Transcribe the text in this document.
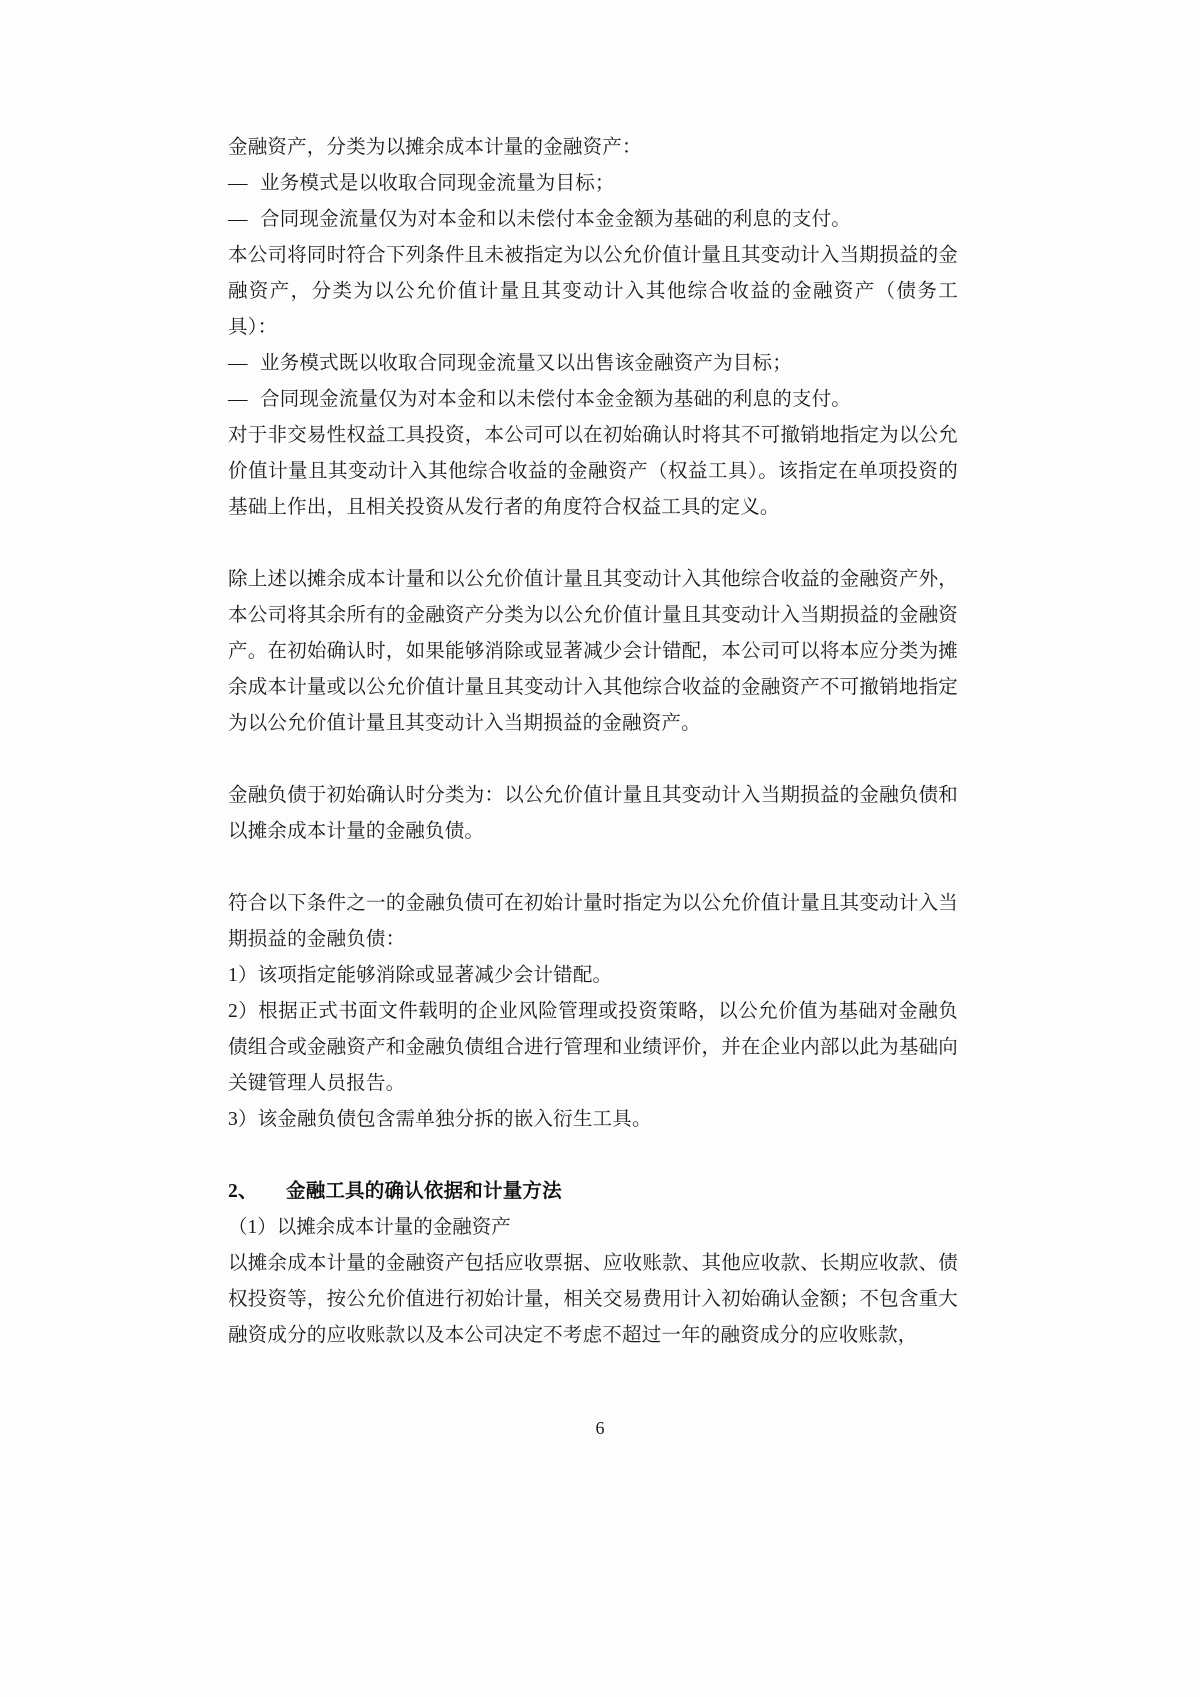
金融资产，分类为以摊余成本计量的金融资产：

— 业务模式是以收取合同现金流量为目标；

— 合同现金流量仅为对本金和以未偿付本金金额为基础的利息的支付。

本公司将同时符合下列条件且未被指定为以公允价值计量且其变动计入当期损益的金融资产，分类为以公允价值计量且其变动计入其他综合收益的金融资产（债务工具）：

— 业务模式既以收取合同现金流量又以出售该金融资产为目标；

— 合同现金流量仅为对本金和以未偿付本金金额为基础的利息的支付。

对于非交易性权益工具投资，本公司可以在初始确认时将其不可撤销地指定为以公允价值计量且其变动计入其他综合收益的金融资产（权益工具）。该指定在单项投资的基础上作出，且相关投资从发行者的角度符合权益工具的定义。

除上述以摊余成本计量和以公允价值计量且其变动计入其他综合收益的金融资产外，本公司将其余所有的金融资产分类为以公允价值计量且其变动计入当期损益的金融资产。在初始确认时，如果能够消除或显著减少会计错配，本公司可以将本应分类为摊余成本计量或以公允价值计量且其变动计入其他综合收益的金融资产不可撤销地指定为以公允价值计量且其变动计入当期损益的金融资产。

金融负债于初始确认时分类为：以公允价值计量且其变动计入当期损益的金融负债和以摊余成本计量的金融负债。

符合以下条件之一的金融负债可在初始计量时指定为以公允价值计量且其变动计入当期损益的金融负债：

1）该项指定能够消除或显著减少会计错配。

2）根据正式书面文件载明的企业风险管理或投资策略，以公允价值为基础对金融负债组合或金融资产和金融负债组合进行管理和业绩评价，并在企业内部以此为基础向关键管理人员报告。

3）该金融负债包含需单独分拆的嵌入衍生工具。

2、 金融工具的确认依据和计量方法

（1）以摊余成本计量的金融资产

以摊余成本计量的金融资产包括应收票据、应收账款、其他应收款、长期应收款、债权投资等，按公允价值进行初始计量，相关交易费用计入初始确认金额；不包含重大融资成分的应收账款以及本公司决定不考虑不超过一年的融资成分的应收账款，

6
